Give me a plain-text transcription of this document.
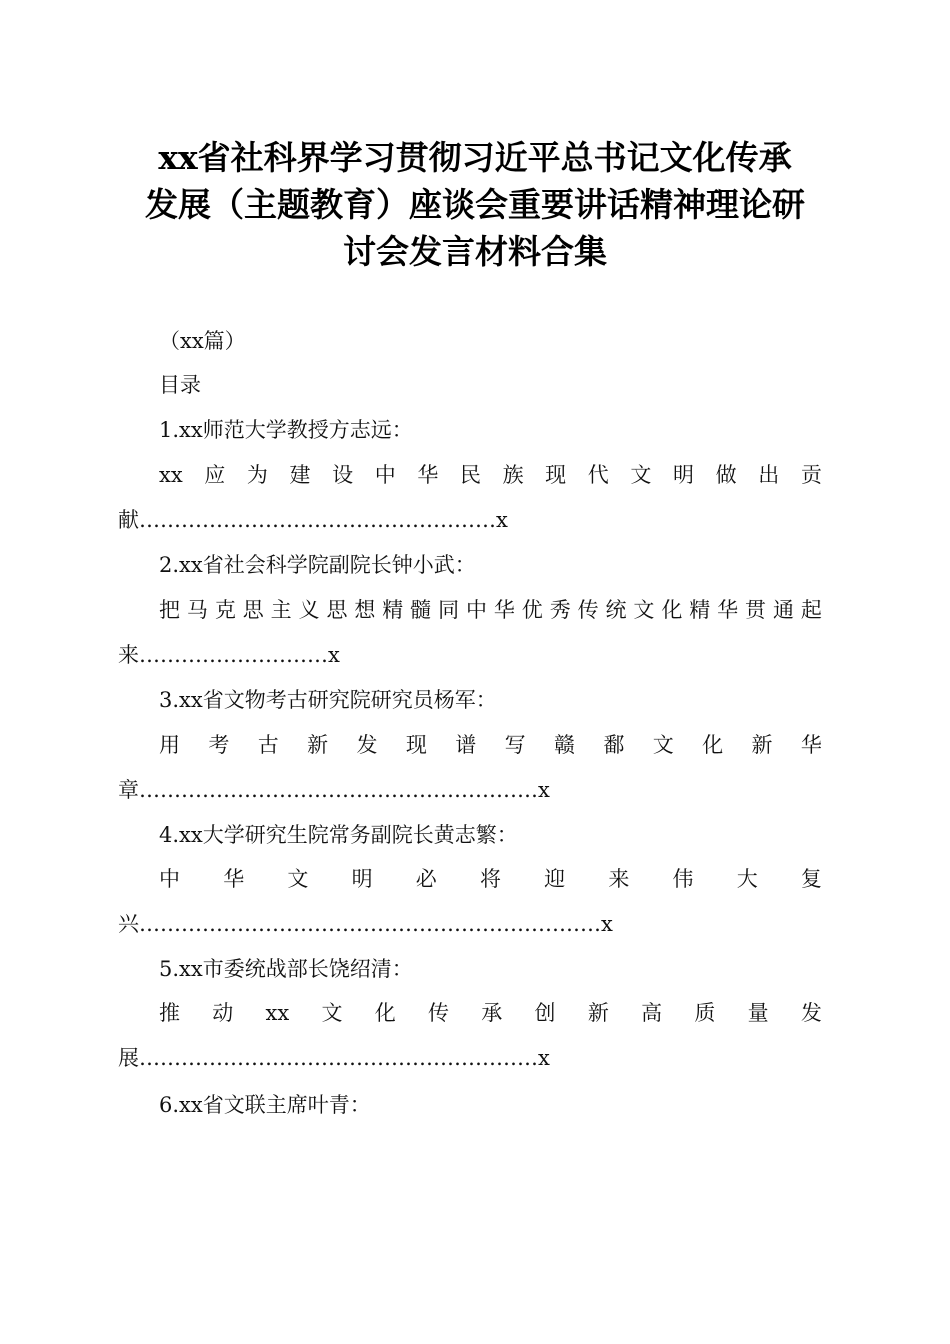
xx省社科界学习贯彻习近平总书记文化传承
发展（主题教育）座谈会重要讲话精神理论研
讨会发言材料合集
（xx篇）
目录
1.xx师范大学教授方志远：
xx 应 为 建 设 中 华 民 族 现 代 文 明 做 出 贡
献……………………………………………x
2.xx省社会科学院副院长钟小武：
把 马 克 思 主 义 思 想 精 髓 同 中 华 优 秀 传 统 文 化 精 华 贯 通 起
来………………………x
3.xx省文物考古研究院研究员杨军：
用 考 古 新 发 现 谱 写 赣 鄱 文 化 新 华
章…………………………………………………x
4.xx大学研究生院常务副院长黄志繁：
中 华 文 明 必 将 迎 来 伟 大 复
兴…………………………………………………………x
5.xx市委统战部长饶绍清：
推 动 xx 文 化 传 承 创 新 高 质 量 发
展…………………………………………………x
6.xx省文联主席叶青：
